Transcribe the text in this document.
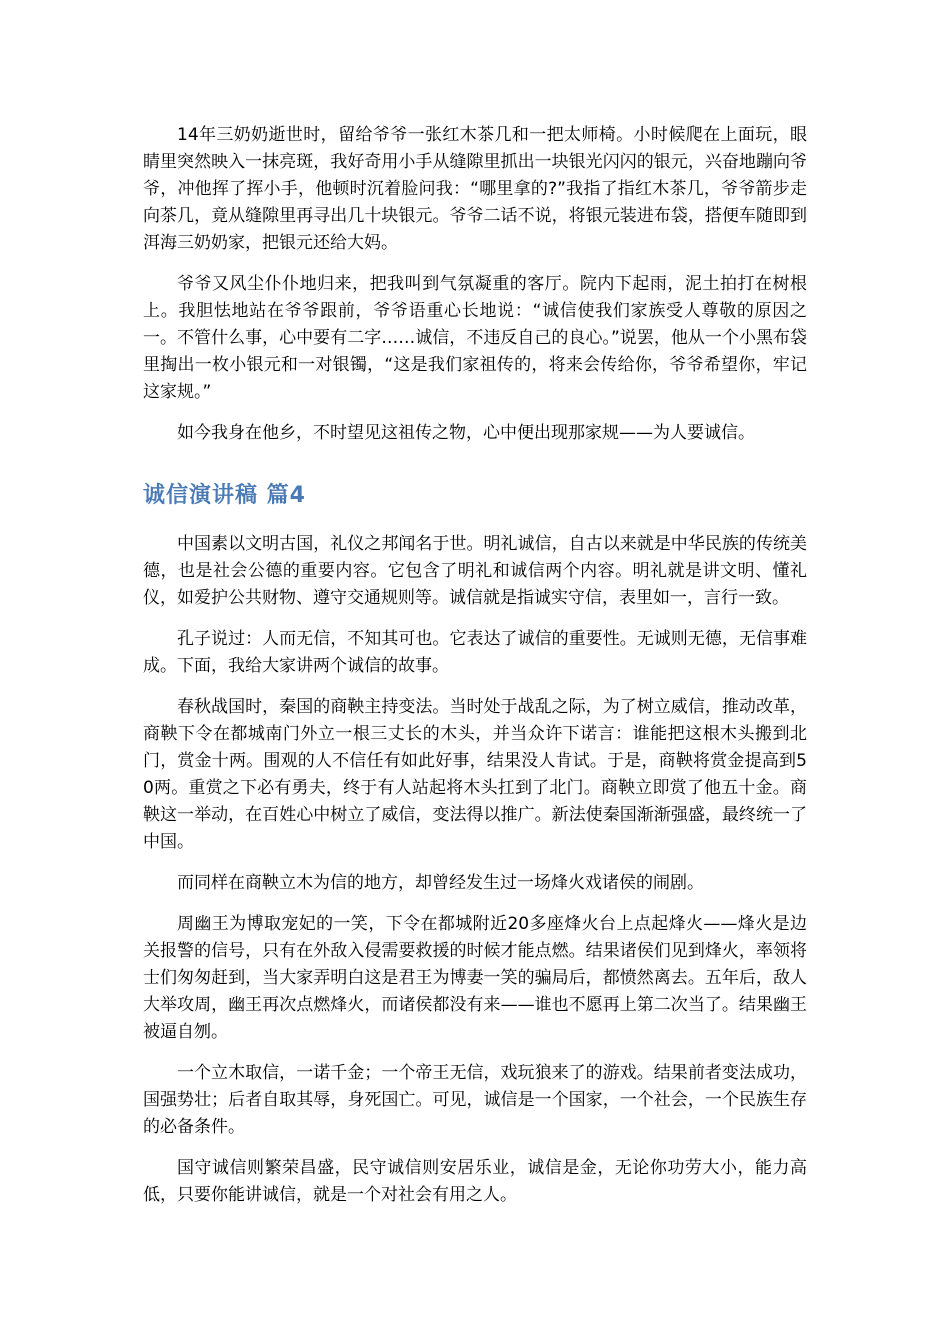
14年三奶奶逝世时，留给爷爷一张红木茶几和一把太师椅。小时候爬在上面玩，眼睛里突然映入一抹亮斑，我好奇用小手从缝隙里抓出一块银光闪闪的银元，兴奋地蹦向爷爷，冲他挥了挥小手，他顿时沉着脸问我：“哪里拿的?”我指了指红木茶几，爷爷箭步走向茶几，竟从缝隙里再寻出几十块银元。爷爷二话不说，将银元装进布袋，搭便车随即到洱海三奶奶家，把银元还给大妈。

爷爷又风尘仆仆地归来，把我叫到气氛凝重的客厅。院内下起雨，泥土拍打在树根上。我胆怯地站在爷爷跟前，爷爷语重心长地说：“诚信使我们家族受人尊敬的原因之一。不管什么事，心中要有二字……诚信，不违反自己的良心。”说罢，他从一个小黑布袋里掏出一枚小银元和一对银镯，“这是我们家祖传的，将来会传给你，爷爷希望你，牢记这家规。”

如今我身在他乡，不时望见这祖传之物，心中便出现那家规——为人要诚信。

诚信演讲稿 篇4

中国素以文明古国，礼仪之邦闻名于世。明礼诚信，自古以来就是中华民族的传统美德，也是社会公德的重要内容。它包含了明礼和诚信两个内容。明礼就是讲文明、懂礼仪，如爱护公共财物、遵守交通规则等。诚信就是指诚实守信，表里如一，言行一致。

孔子说过：人而无信，不知其可也。它表达了诚信的重要性。无诚则无德，无信事难成。下面，我给大家讲两个诚信的故事。

春秋战国时，秦国的商鞅主持变法。当时处于战乱之际，为了树立威信，推动改革，商鞅下令在都城南门外立一根三丈长的木头，并当众许下诺言：谁能把这根木头搬到北门，赏金十两。围观的人不信任有如此好事，结果没人肯试。于是，商鞅将赏金提高到50两。重赏之下必有勇夫，终于有人站起将木头扛到了北门。商鞅立即赏了他五十金。商鞅这一举动，在百姓心中树立了威信，变法得以推广。新法使秦国渐渐强盛，最终统一了中国。

而同样在商鞅立木为信的地方，却曾经发生过一场烽火戏诸侯的闹剧。

周幽王为博取宠妃的一笑，下令在都城附近20多座烽火台上点起烽火——烽火是边关报警的信号，只有在外敌入侵需要救援的时候才能点燃。结果诸侯们见到烽火，率领将士们匆匆赶到，当大家弄明白这是君王为博妻一笑的骗局后，都愤然离去。五年后，敌人大举攻周，幽王再次点燃烽火，而诸侯都没有来——谁也不愿再上第二次当了。结果幽王被逼自刎。

一个立木取信，一诺千金；一个帝王无信，戏玩狼来了的游戏。结果前者变法成功，国强势壮；后者自取其辱，身死国亡。可见，诚信是一个国家，一个社会，一个民族生存的必备条件。

国守诚信则繁荣昌盛，民守诚信则安居乐业，诚信是金，无论你功劳大小，能力高低，只要你能讲诚信，就是一个对社会有用之人。
